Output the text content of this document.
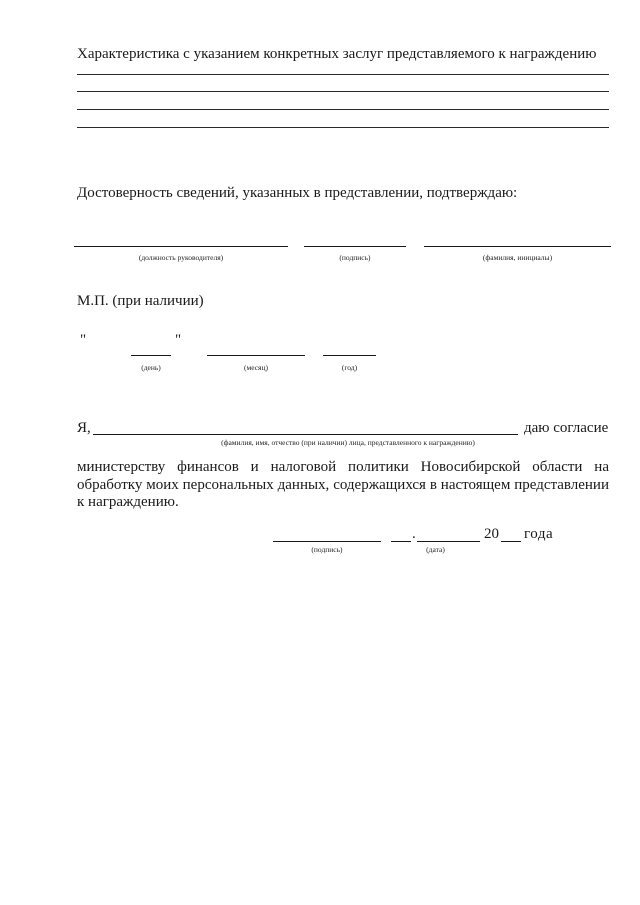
Характеристика с указанием конкретных заслуг представляемого к награждению
Достоверность сведений, указанных в представлении, подтверждаю:
(должность руководителя)	(подпись)	(фамилия, инициалы)
М.П. (при наличии)
"	"
(день)	(месяц)	(год)
Я,	даю согласие
(фамилия, имя, отчество (при наличии) лица, представленного к награждению)
министерству финансов и налоговой политики Новосибирской области на обработку моих персональных данных, содержащихся в настоящем представлении к награждению.
.	20 года
(подпись)	(дата)
